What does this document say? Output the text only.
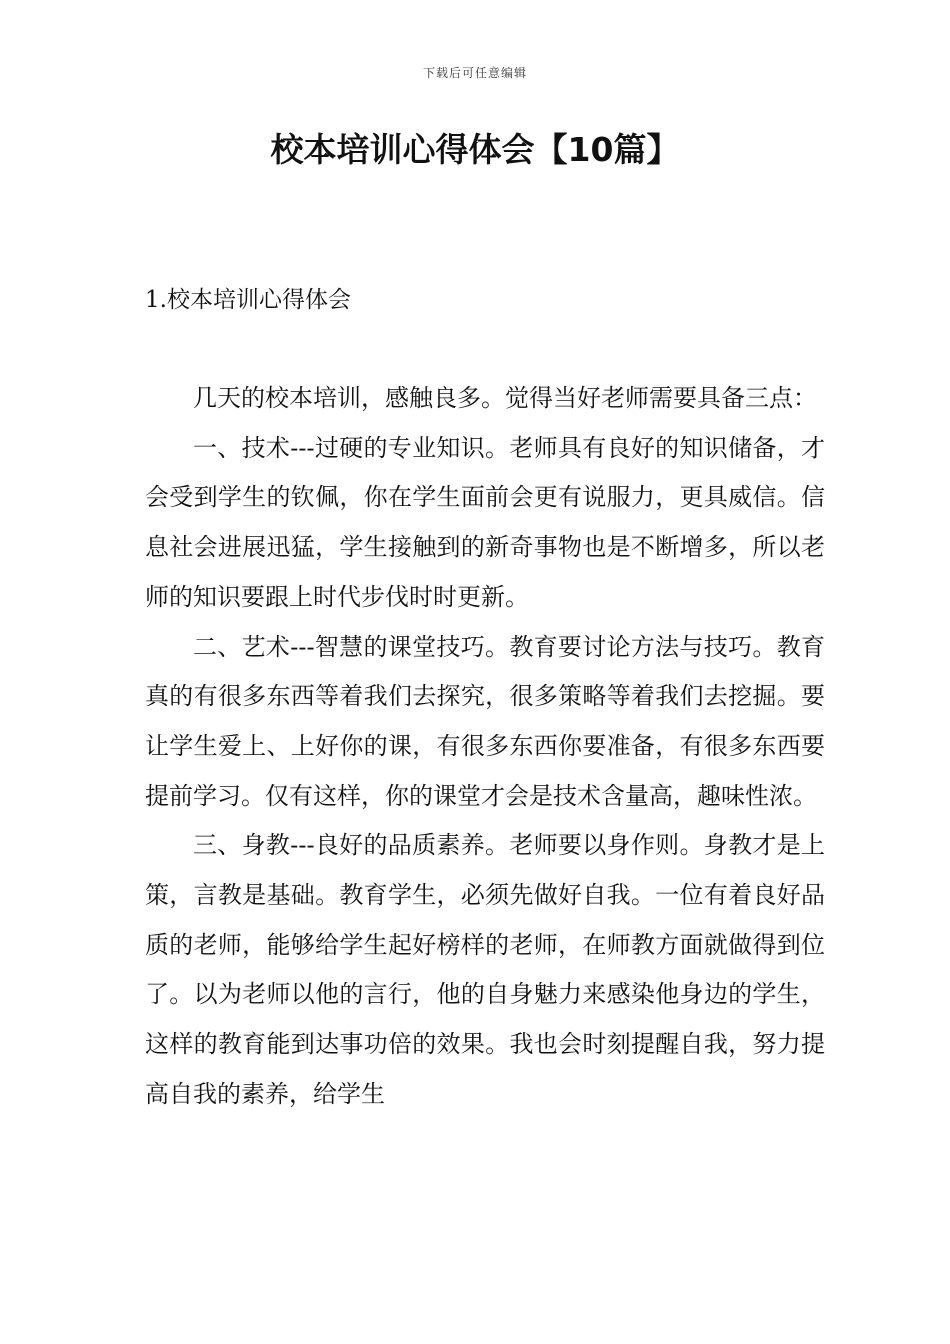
下载后可任意编辑
校本培训心得体会【10篇】
1.校本培训心得体会

几天的校本培训，感触良多。觉得当好老师需要具备三点：

一、技术---过硬的专业知识。老师具有良好的知识储备，才会受到学生的钦佩，你在学生面前会更有说服力，更具威信。信息社会进展迅猛，学生接触到的新奇事物也是不断增多，所以老师的知识要跟上时代步伐时时更新。

二、艺术---智慧的课堂技巧。教育要讨论方法与技巧。教育真的有很多东西等着我们去探究，很多策略等着我们去挖掘。要让学生爱上、上好你的课，有很多东西你要准备，有很多东西要提前学习。仅有这样，你的课堂才会是技术含量高，趣味性浓。

三、身教---良好的品质素养。老师要以身作则。身教才是上策，言教是基础。教育学生，必须先做好自我。一位有着良好品质的老师，能够给学生起好榜样的老师，在师教方面就做得到位了。以为老师以他的言行，他的自身魅力来感染他身边的学生，这样的教育能到达事功倍的效果。我也会时刻提醒自我，努力提高自我的素养，给学生
